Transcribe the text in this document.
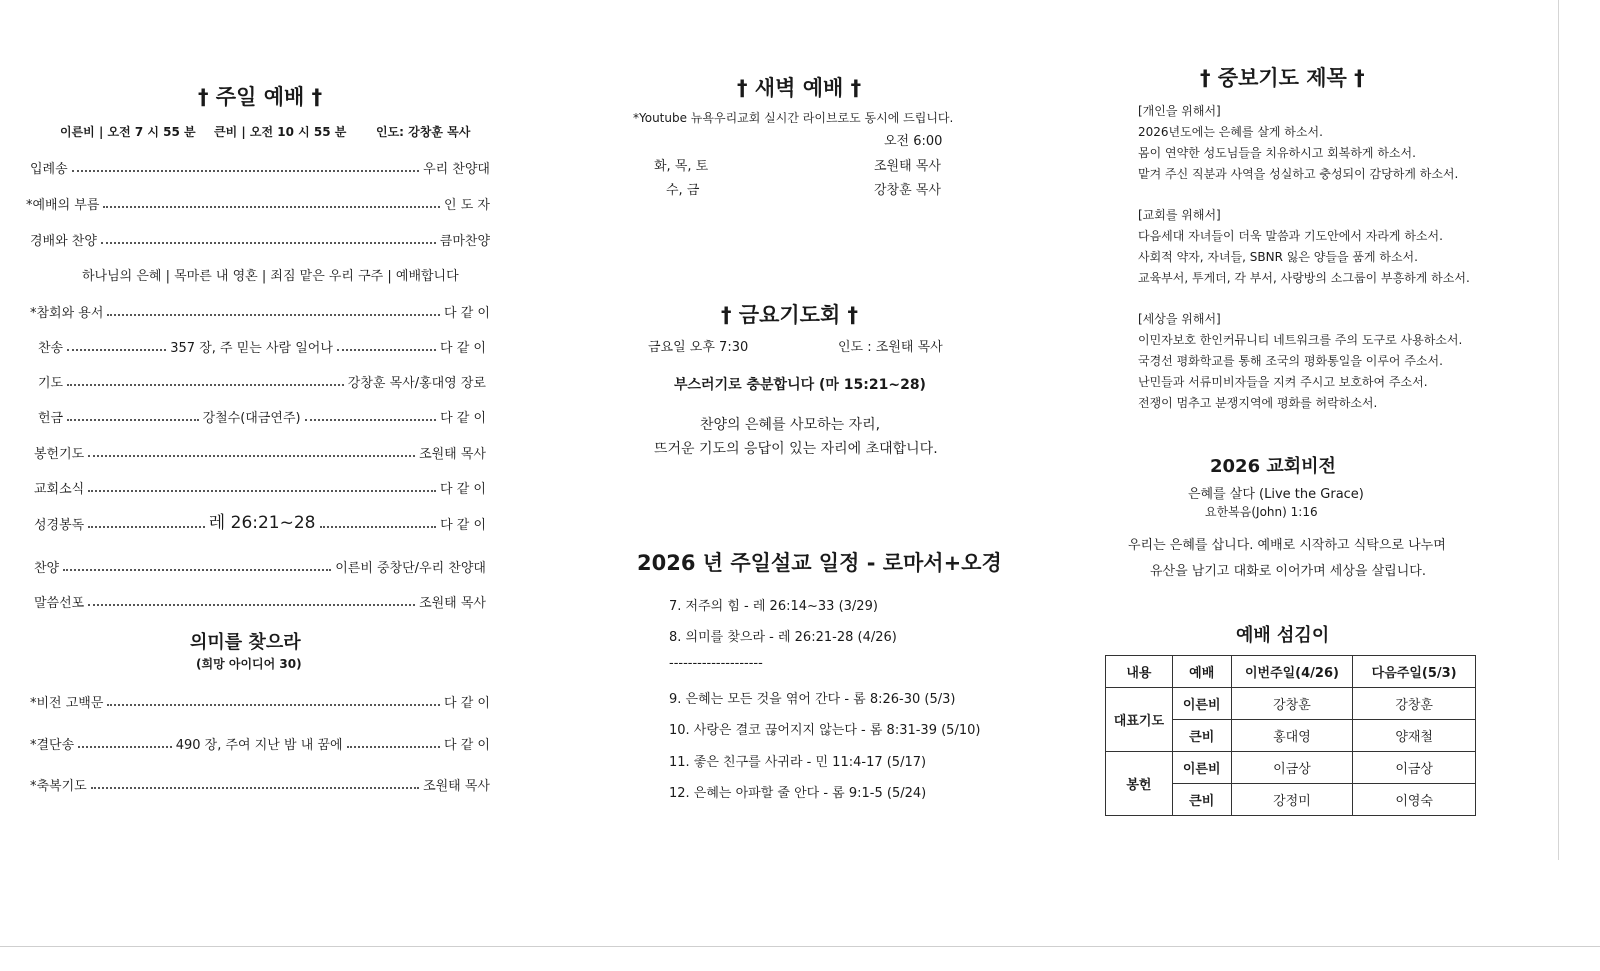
† 주일 예배 †
이른비 | 오전 7 시 55 분 큰비 | 오전 10 시 55 분 인도: 강창훈 목사
입례송	우리 찬양대
*예배의 부름	인 도 자
경배와 찬양	큼마찬양
하나님의 은혜 | 목마른 내 영혼 | 죄짐 맡은 우리 구주 | 예배합니다
*참회와 용서	다 같 이
찬송	357 장, 주 믿는 사람 일어나	다 같 이
기도	강창훈 목사/홍대영 장로
헌금	강철수(대금연주)	다 같 이
봉헌기도	조원태 목사
교회소식	다 같 이
성경봉독	레 26:21~28	다 같 이
찬양	이른비 중창단/우리 찬양대
말씀선포	조원태 목사
의미를 찾으라
(희망 아이디어 30)
*비전 고백문	다 같 이
*결단송	490 장, 주여 지난 밤 내 꿈에	다 같 이
*축복기도	조원태 목사
† 새벽 예배 †
*Youtube 뉴욕우리교회 실시간 라이브로도 동시에 드립니다.
오전 6:00
화, 목, 토	조원태 목사
수, 금	강창훈 목사
† 금요기도회 †
금요일 오후 7:30	인도 : 조원태 목사
부스러기로 충분합니다 (마 15:21~28)
찬양의 은혜를 사모하는 자리,
뜨거운 기도의 응답이 있는 자리에 초대합니다.
2026 년 주일설교 일정 - 로마서+오경
7. 저주의 힘 - 레 26:14~33 (3/29)
8. 의미를 찾으라 - 레 26:21-28 (4/26)
--------------------
9. 은혜는 모든 것을 엮어 간다 - 롬 8:26-30 (5/3)
10. 사랑은 결코 끊어지지 않는다 - 롬 8:31-39 (5/10)
11. 좋은 친구를 사귀라 - 민 11:4-17 (5/17)
12. 은혜는 아파할 줄 안다 - 롬 9:1-5 (5/24)
† 중보기도 제목 †
[개인을 위해서]
2026년도에는 은혜를 살게 하소서.
몸이 연약한 성도님들을 치유하시고 회복하게 하소서.
맡겨 주신 직분과 사역을 성실하고 충성되이 감당하게 하소서.
[교회를 위해서]
다음세대 자녀들이 더욱 말씀과 기도안에서 자라게 하소서.
사회적 약자, 자녀들, SBNR 잃은 양들을 품게 하소서.
교육부서, 투게더, 각 부서, 사랑방의 소그룹이 부흥하게 하소서.
[세상을 위해서]
이민자보호 한인커뮤니티 네트워크를 주의 도구로 사용하소서.
국경선 평화학교를 통해 조국의 평화통일을 이루어 주소서.
난민들과 서류미비자들을 지켜 주시고 보호하여 주소서.
전쟁이 멈추고 분쟁지역에 평화를 허락하소서.
2026 교회비전
은혜를 살다 (Live the Grace)
요한복음(John) 1:16
우리는 은혜를 삽니다. 예배로 시작하고 식탁으로 나누며
유산을 남기고 대화로 이어가며 세상을 살립니다.
예배 섬김이
내용	예배	이번주일(4/26)	다음주일(5/3)
대표기도	이른비	강창훈	강창훈
	큰비	홍대영	양재철
봉헌	이른비	이금상	이금상
	큰비	강정미	이영숙
